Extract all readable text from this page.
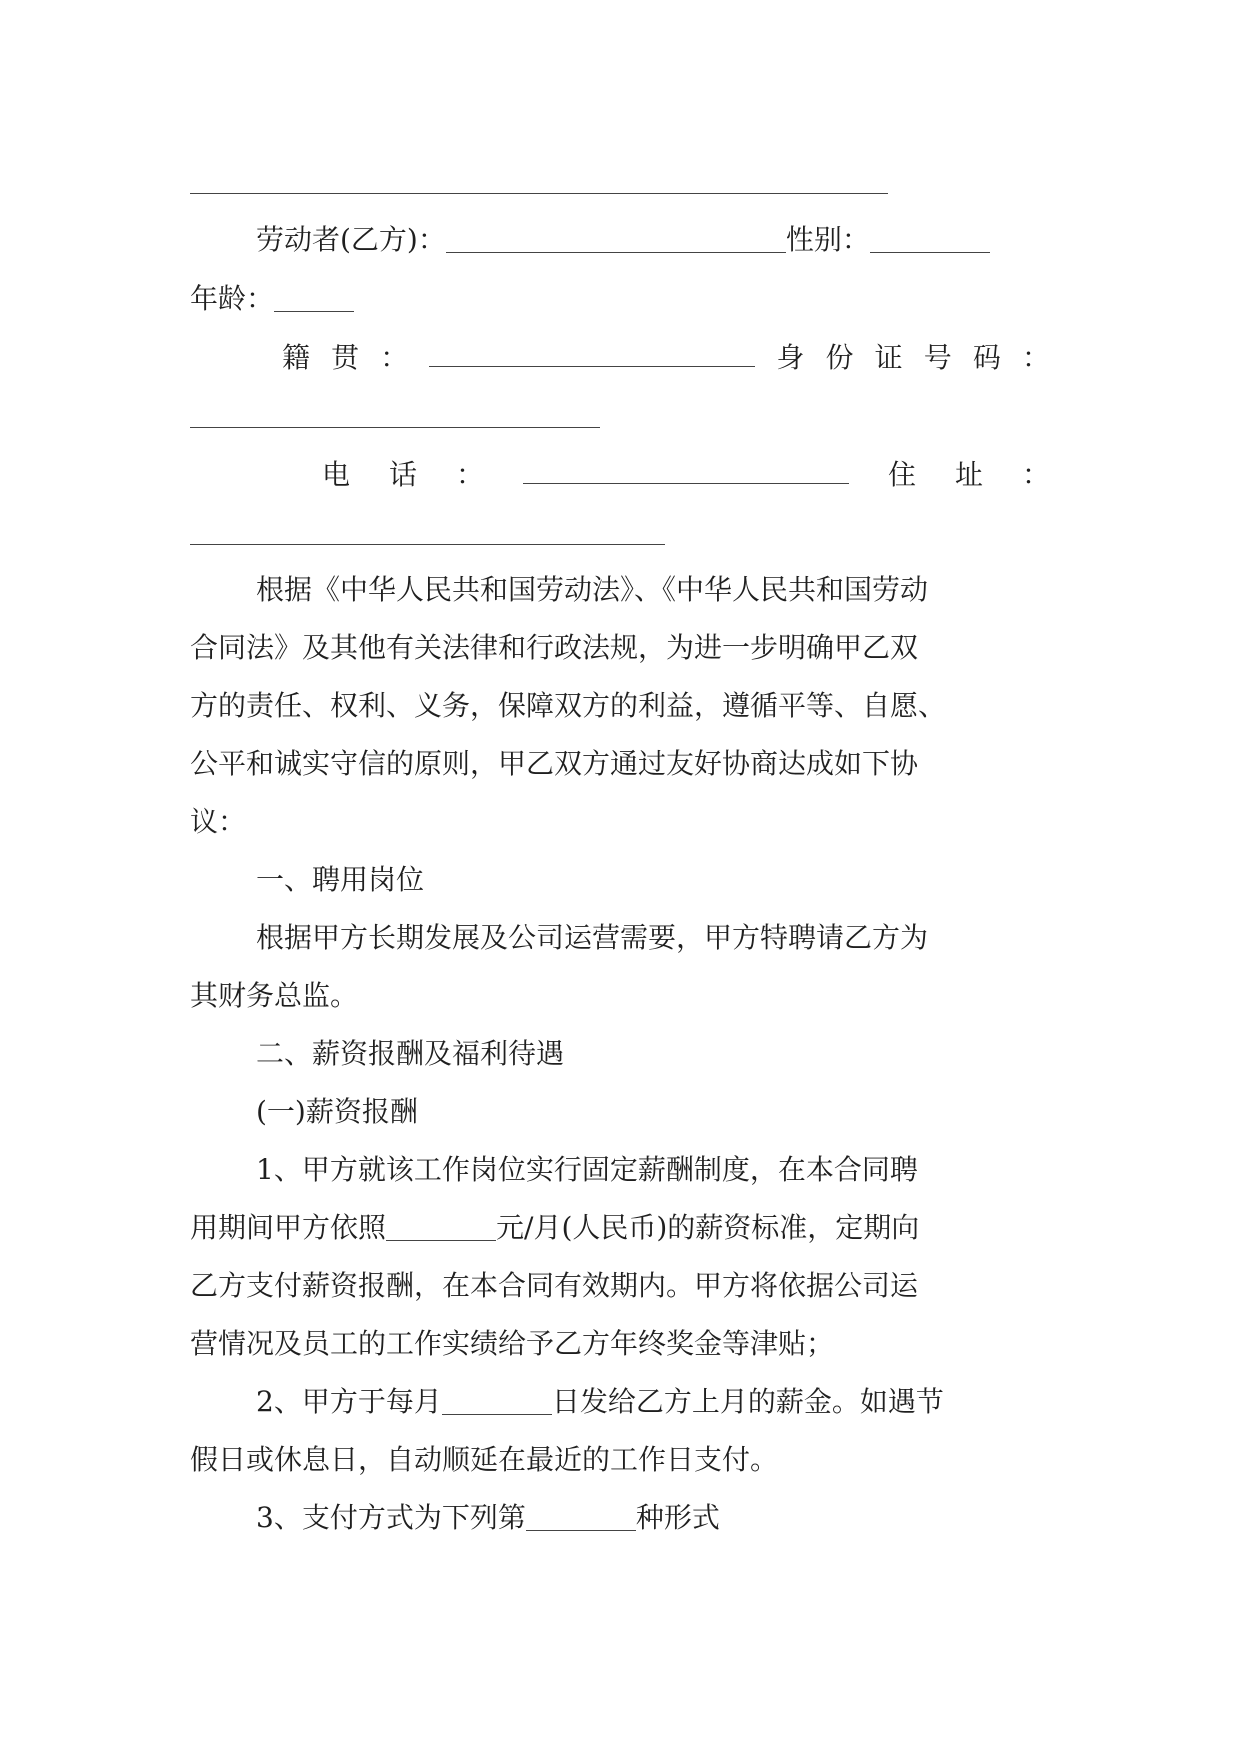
劳动者(乙方)：	性别：
年龄：
籍 贯 ：	身 份 证 号 码 ：
电 话 ：	住 址 ：
根据《中华人民共和国劳动法》、《中华人民共和国劳动
合同法》及其他有关法律和行政法规，为进一步明确甲乙双
方的责任、权利、义务，保障双方的利益，遵循平等、自愿、
公平和诚实守信的原则，甲乙双方通过友好协商达成如下协
议：
一、聘用岗位
根据甲方长期发展及公司运营需要，甲方特聘请乙方为
其财务总监。
二、薪资报酬及福利待遇
(一)薪资报酬
1、甲方就该工作岗位实行固定薪酬制度，在本合同聘
用期间甲方依照	元/月(人民币)的薪资标准，定期向
乙方支付薪资报酬，在本合同有效期内。甲方将依据公司运
营情况及员工的工作实绩给予乙方年终奖金等津贴；
2、甲方于每月	日发给乙方上月的薪金。如遇节
假日或休息日，自动顺延在最近的工作日支付。
3、支付方式为下列第	种形式
